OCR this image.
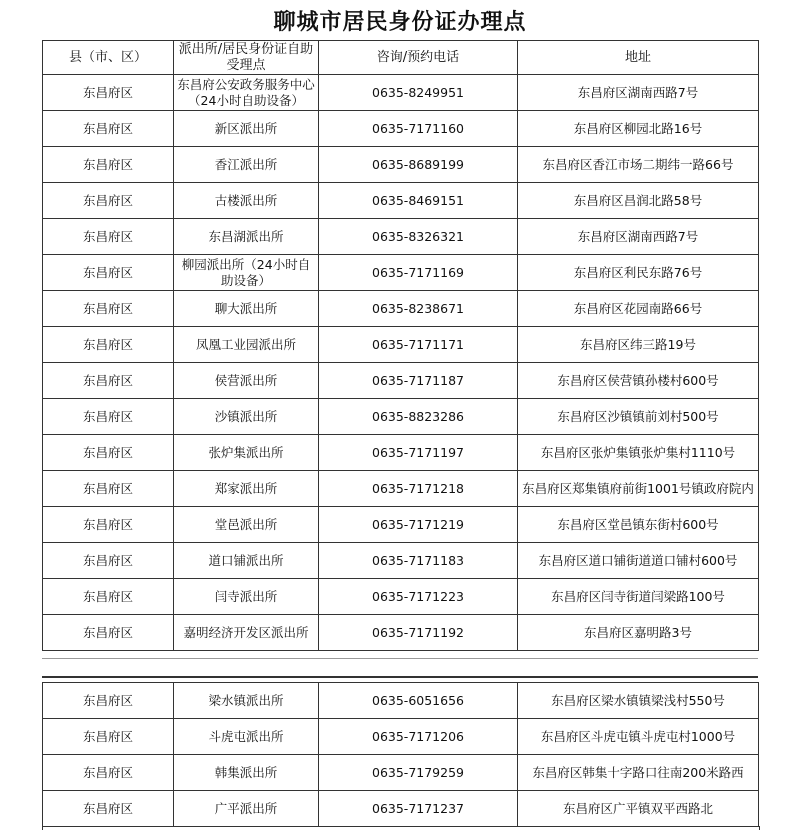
聊城市居民身份证办理点
县（市、区）	派出所/居民身份证自助受理点	咨询/预约电话	地址
东昌府区	东昌府公安政务服务中心（24小时自助设备）	0635-8249951	东昌府区湖南西路7号
东昌府区	新区派出所	0635-7171160	东昌府区柳园北路16号
东昌府区	香江派出所	0635-8689199	东昌府区香江市场二期纬一路66号
东昌府区	古楼派出所	0635-8469151	东昌府区昌润北路58号
东昌府区	东昌湖派出所	0635-8326321	东昌府区湖南西路7号
东昌府区	柳园派出所（24小时自助设备）	0635-7171169	东昌府区利民东路76号
东昌府区	聊大派出所	0635-8238671	东昌府区花园南路66号
东昌府区	凤凰工业园派出所	0635-7171171	东昌府区纬三路19号
东昌府区	侯营派出所	0635-7171187	东昌府区侯营镇孙楼村600号
东昌府区	沙镇派出所	0635-8823286	东昌府区沙镇镇前刘村500号
东昌府区	张炉集派出所	0635-7171197	东昌府区张炉集镇张炉集村1110号
东昌府区	郑家派出所	0635-7171218	东昌府区郑集镇府前街1001号镇政府院内
东昌府区	堂邑派出所	0635-7171219	东昌府区堂邑镇东街村600号
东昌府区	道口铺派出所	0635-7171183	东昌府区道口铺街道道口铺村600号
东昌府区	闫寺派出所	0635-7171223	东昌府区闫寺街道闫梁路100号
东昌府区	嘉明经济开发区派出所	0635-7171192	东昌府区嘉明路3号
东昌府区	梁水镇派出所	0635-6051656	东昌府区梁水镇镇梁浅村550号
东昌府区	斗虎屯派出所	0635-7171206	东昌府区斗虎屯镇斗虎屯村1000号
东昌府区	韩集派出所	0635-7179259	东昌府区韩集十字路口往南200米路西
东昌府区	广平派出所	0635-7171237	东昌府区广平镇双平西路北
